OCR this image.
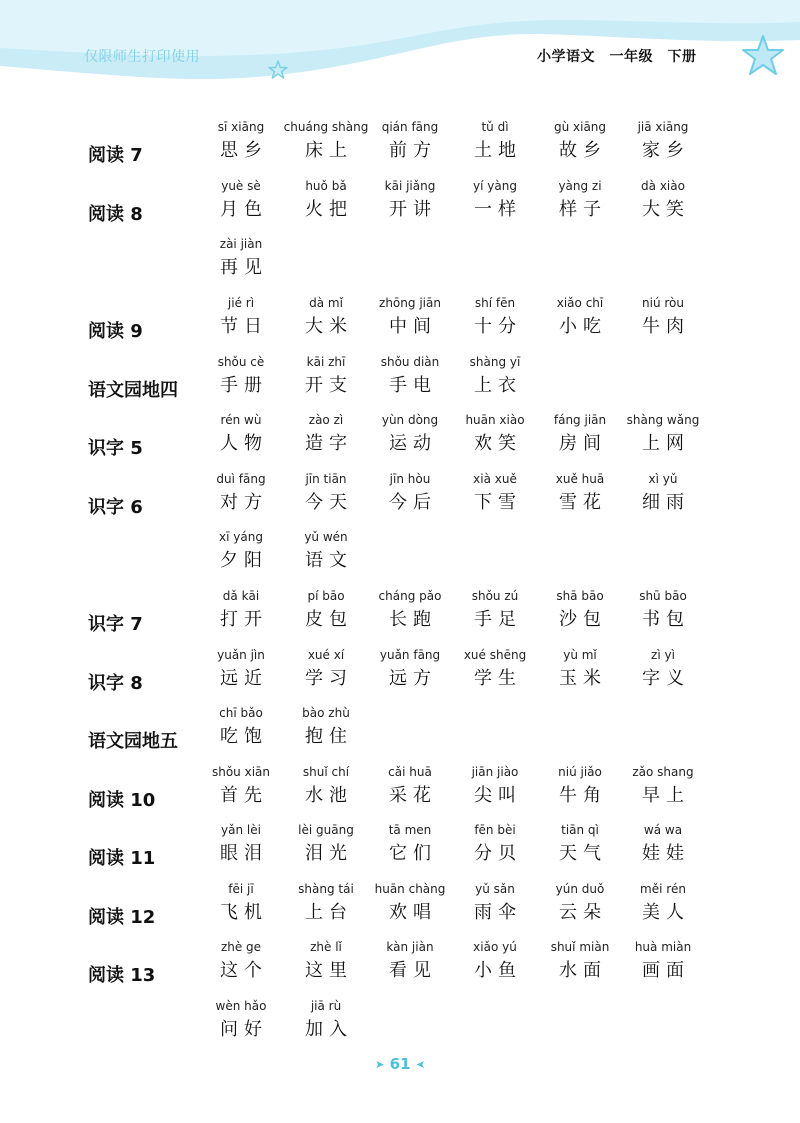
仅限师生打印使用	小学语文　一年级　下册
阅读 7
sī xiāng
思乡
chuáng shàng
床上
qián fāng
前方
tǔ dì
土地
gù xiāng
故乡
jiā xiāng
家乡
阅读 8
yuè sè
月色
huǒ bǎ
火把
kāi jiǎng
开讲
yí yàng
一样
yàng zi
样子
dà xiào
大笑
zài jiàn
再见
阅读 9
jié rì
节日
dà mǐ
大米
zhōng jiān
中间
shí fēn
十分
xiǎo chī
小吃
niú ròu
牛肉
语文园地四
shǒu cè
手册
kāi zhī
开支
shǒu diàn
手电
shàng yī
上衣
识字 5
rén wù
人物
zào zì
造字
yùn dòng
运动
huān xiào
欢笑
fáng jiān
房间
shàng wǎng
上网
识字 6
duì fāng
对方
jīn tiān
今天
jīn hòu
今后
xià xuě
下雪
xuě huā
雪花
xì yǔ
细雨
xī yáng
夕阳
yǔ wén
语文
识字 7
dǎ kāi
打开
pí bāo
皮包
cháng pǎo
长跑
shǒu zú
手足
shā bāo
沙包
shū bāo
书包
识字 8
yuǎn jìn
远近
xué xí
学习
yuǎn fāng
远方
xué shēng
学生
yù mǐ
玉米
zì yì
字义
语文园地五
chī bǎo
吃饱
bào zhù
抱住
阅读 10
shǒu xiān
首先
shuǐ chí
水池
cǎi huā
采花
jiān jiào
尖叫
niú jiǎo
牛角
zǎo shang
早上
阅读 11
yǎn lèi
眼泪
lèi guāng
泪光
tā men
它们
fēn bèi
分贝
tiān qì
天气
wá wa
娃娃
阅读 12
fēi jī
飞机
shàng tái
上台
huān chàng
欢唱
yǔ sǎn
雨伞
yún duǒ
云朵
měi rén
美人
阅读 13
zhè ge
这个
zhè lǐ
这里
kàn jiàn
看见
xiǎo yú
小鱼
shuǐ miàn
水面
huà miàn
画面
wèn hǎo
问好
jiā rù
加入
➤ 61 ➤
